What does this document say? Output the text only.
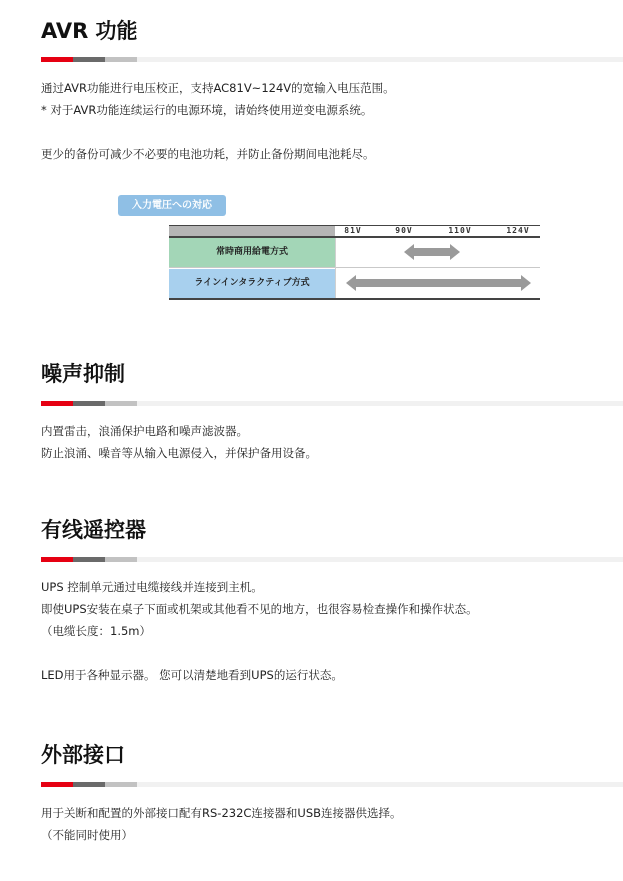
AVR 功能

通过AVR功能进行电压校正，支持AC81V~124V的宽输入电压范围。

* 对于AVR功能连续运行的电源环境，请始终使用逆变电源系统。

更少的备份可减少不必要的电池功耗，并防止备份期间电池耗尽。

入力電圧への対応
常時商用給電方式
ラインインタラクティブ方式
81V	90V	110V	124V
噪声抑制

内置雷击，浪涌保护电路和噪声滤波器。

防止浪涌、噪音等从输入电源侵入，并保护备用设备。

有线遥控器

UPS 控制单元通过电缆接线并连接到主机。

即使UPS安装在桌子下面或机架或其他看不见的地方，也很容易检查操作和操作状态。

（电缆长度：1.5m）

LED用于各种显示器。 您可以清楚地看到UPS的运行状态。

外部接口

用于关断和配置的外部接口配有RS-232C连接器和USB连接器供选择。

（不能同时使用）
